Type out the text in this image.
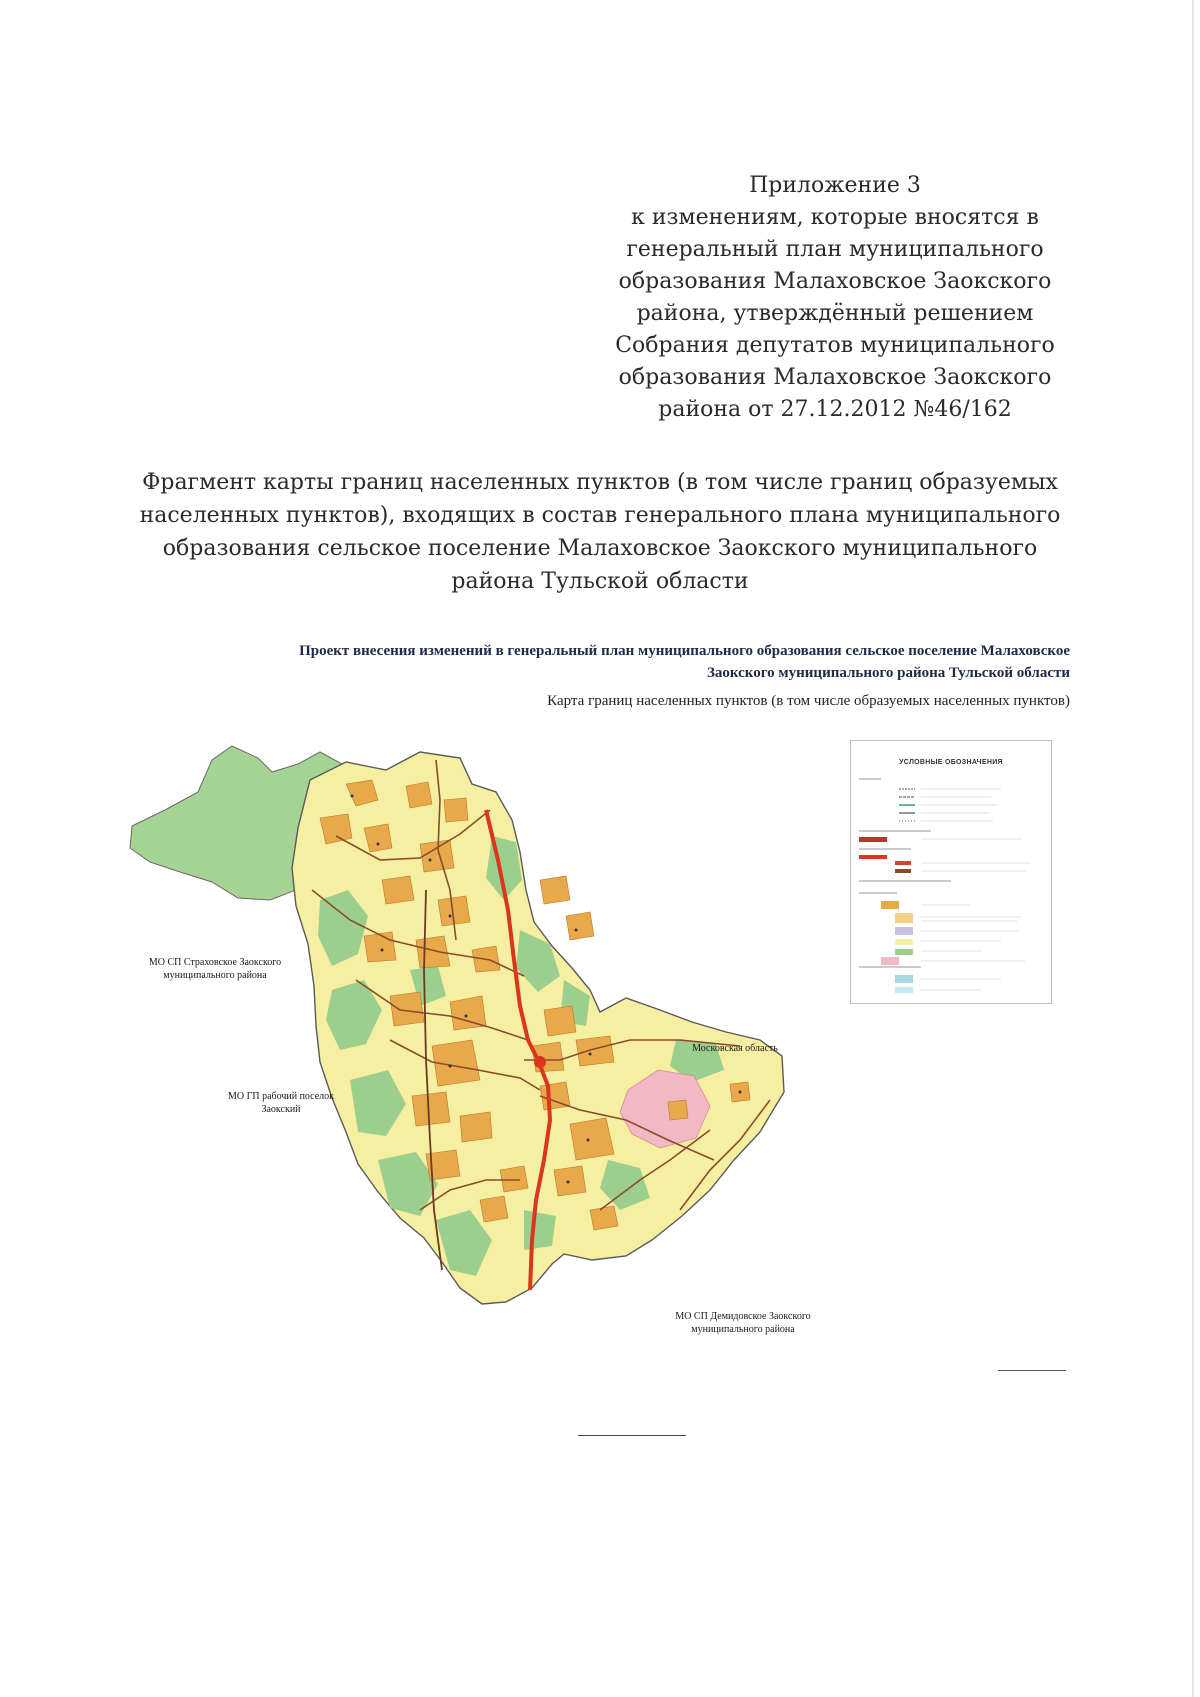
Приложение 3
к изменениям, которые вносятся в
генеральный план муниципального
образования Малаховское Заокского
района, утверждённый решением
Собрания депутатов муниципального
образования Малаховское Заокского
района от 27.12.2012 №46/162
Фрагмент карты границ населенных пунктов (в том числе границ образуемых
населенных пунктов), входящих в состав генерального плана муниципального
образования сельское поселение Малаховское Заокского муниципального
района Тульской области
Проект внесения изменений в генеральный план муниципального образования сельское поселение Малаховское
Заокского муниципального района Тульской области
Карта границ населенных пунктов (в том числе образуемых населенных пунктов)
МО СП Страховское Заокского муниципального района
МО ГП рабочий поселок Заокский
Московская область
МО СП Демидовское Заокского муниципального района
УСЛОВНЫЕ ОБОЗНАЧЕНИЯ
